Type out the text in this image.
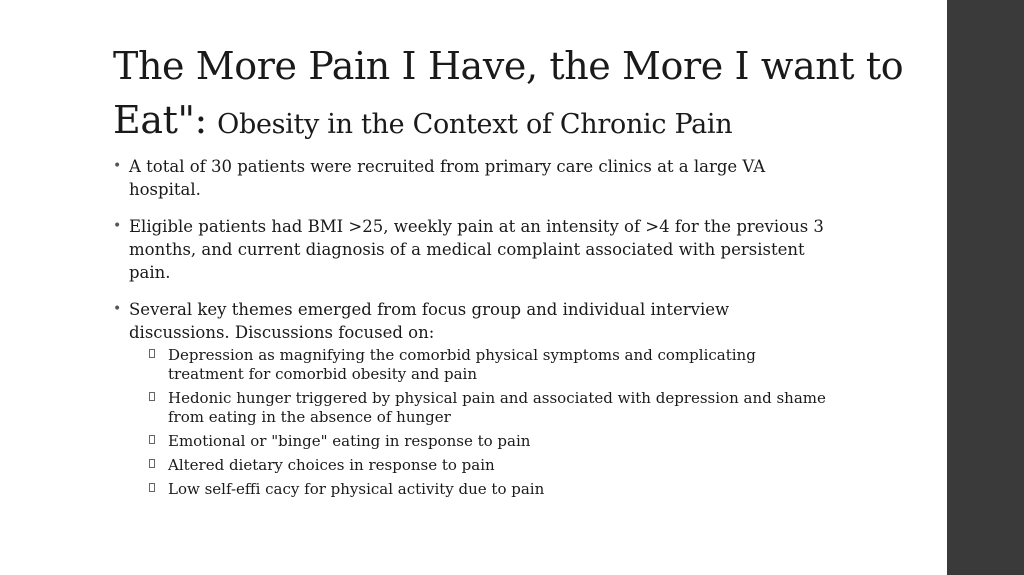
The More Pain I Have, the More I want to Eat": Obesity in the Context of Chronic Pain
• A total of 30 patients were recruited from primary care clinics at a large VA hospital.
• Eligible patients had BMI >25, weekly pain at an intensity of >4 for the previous 3 months, and current diagnosis of a medical complaint associated with persistent pain.
• Several key themes emerged from focus group and individual interview discussions. Discussions focused on:
Depression as magnifying the comorbid physical symptoms and complicating treatment for comorbid obesity and pain
Hedonic hunger triggered by physical pain and associated with depression and shame from eating in the absence of hunger
Emotional or "binge" eating in response to pain
Altered dietary choices in response to pain
Low self-effi cacy for physical activity due to pain
